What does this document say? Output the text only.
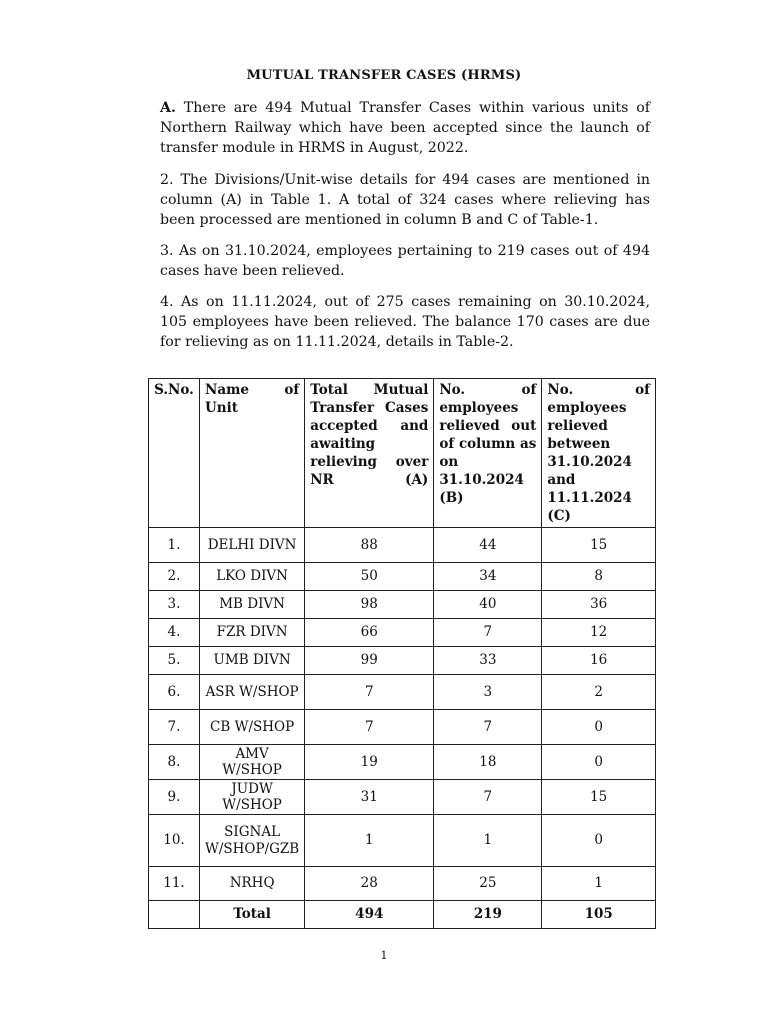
MUTUAL TRANSFER CASES (HRMS)
A. There are 494 Mutual Transfer Cases within various units of Northern Railway which have been accepted since the launch of transfer module in HRMS in August, 2022.
2. The Divisions/Unit-wise details for 494 cases are mentioned in column (A) in Table 1. A total of 324 cases where relieving has been processed are mentioned in column B and C of Table-1.
3. As on 31.10.2024, employees pertaining to 219 cases out of 494 cases have been relieved.
4. As on 11.11.2024, out of 275 cases remaining on 30.10.2024, 105 employees have been relieved. The balance 170 cases are due for relieving as on 11.11.2024, details in Table-2.
S.No.	Name of Unit	Total Mutual Transfer Cases accepted and awaiting relieving over NR (A)	No. of employees relieved out of column as on 31.10.2024 (B)	No. of employees relieved between 31.10.2024 and 11.11.2024 (C)
1.	DELHI DIVN	88	44	15
2.	LKO DIVN	50	34	8
3.	MB DIVN	98	40	36
4.	FZR DIVN	66	7	12
5.	UMB DIVN	99	33	16
6.	ASR W/SHOP	7	3	2
7.	CB W/SHOP	7	7	0
8.	AMV W/SHOP	19	18	0
9.	JUDW W/SHOP	31	7	15
10.	SIGNAL W/SHOP/GZB	1	1	0
11.	NRHQ	28	25	1
	Total	494	219	105
1
